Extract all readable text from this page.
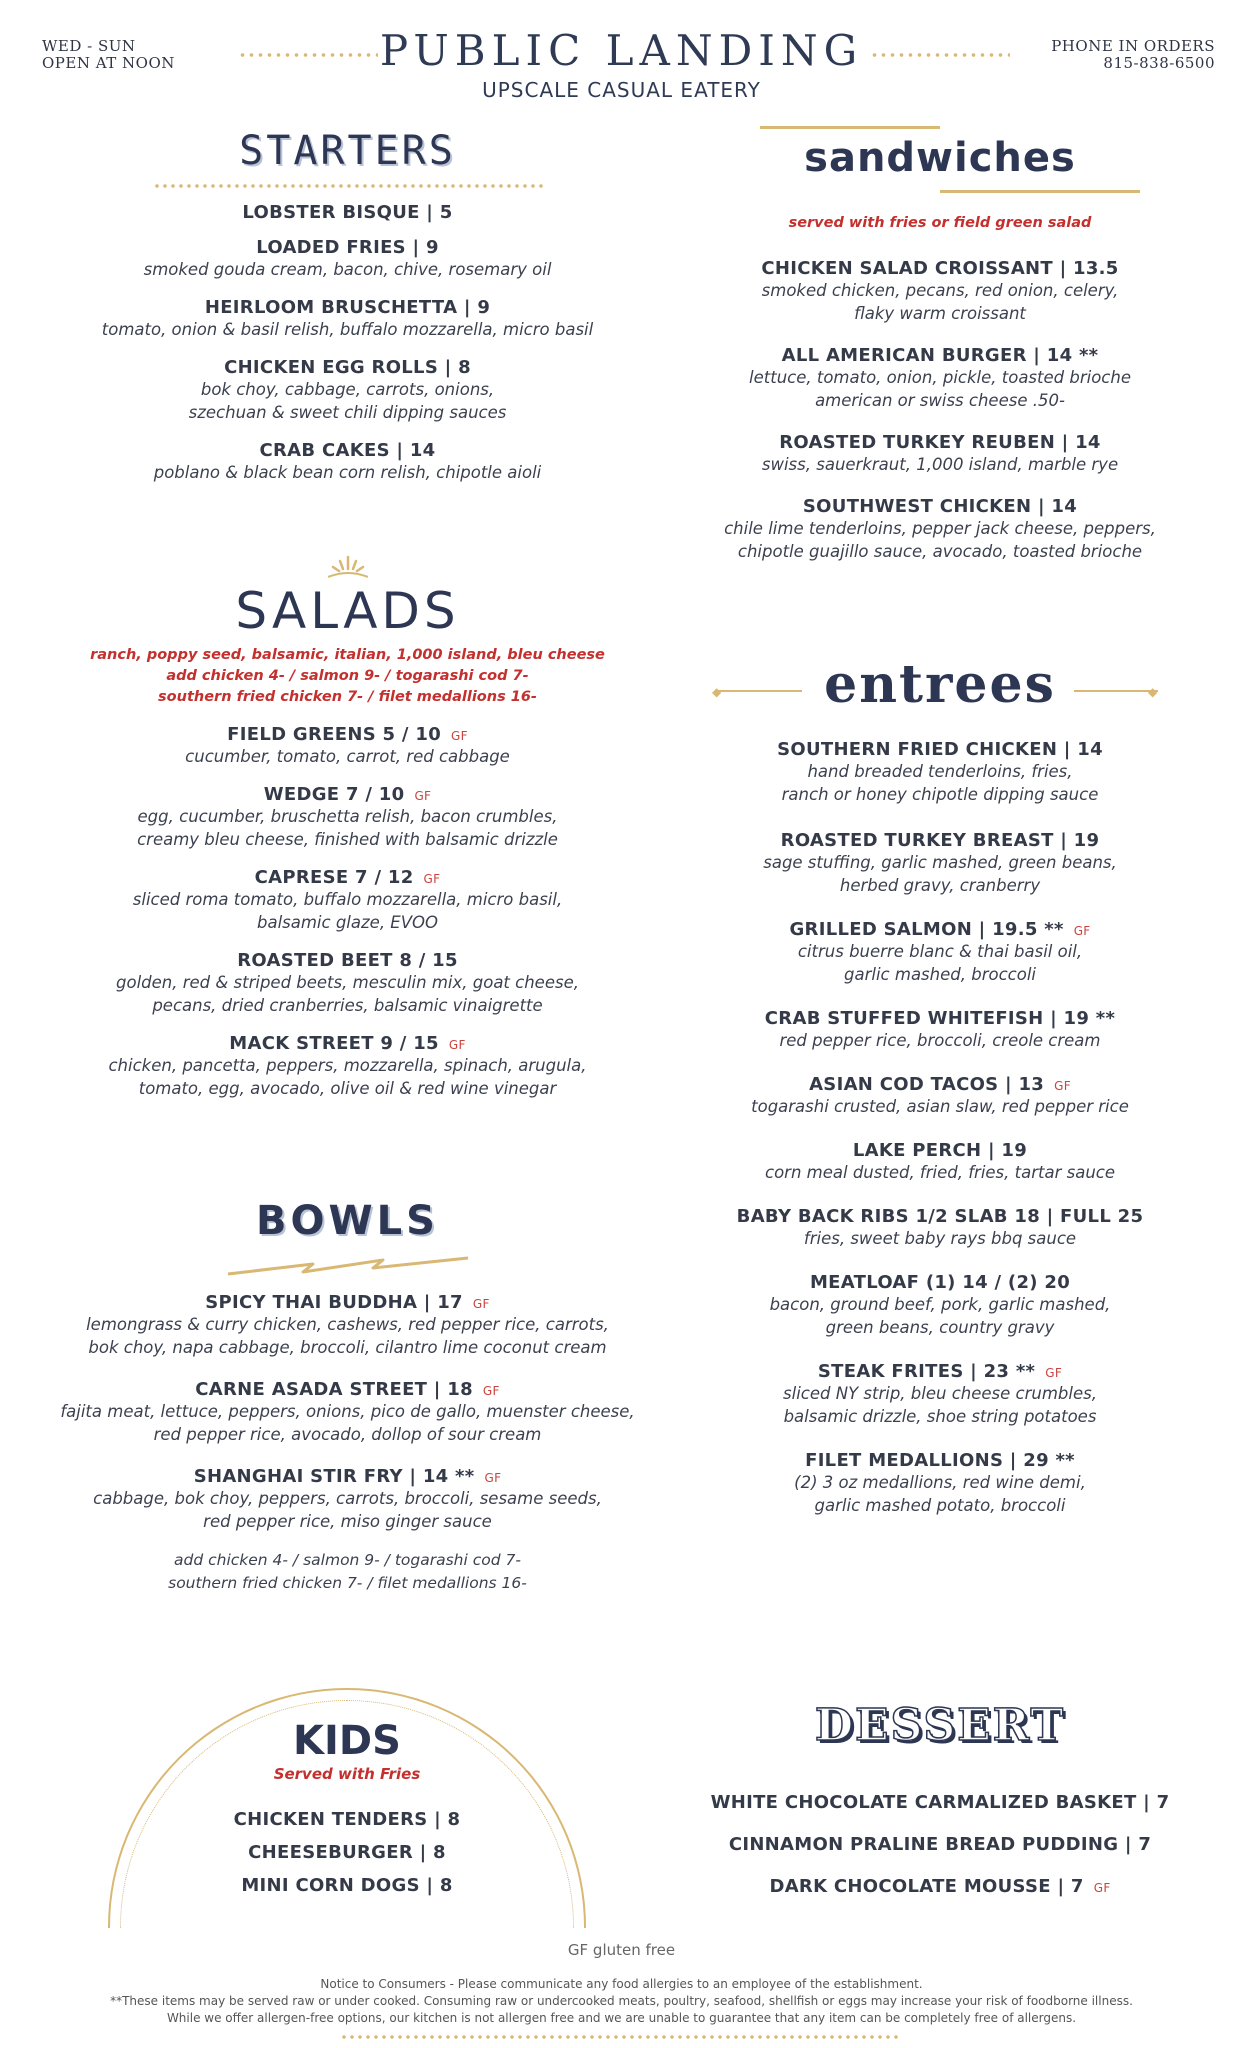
WED - SUN
OPEN AT NOON	PUBLIC LANDING
UPSCALE CASUAL EATERY
PHONE IN ORDERS
815-838-6500
STARTERS
LOBSTER BISQUE | 5
LOADED FRIES | 9
smoked gouda cream, bacon, chive, rosemary oil
HEIRLOOM BRUSCHETTA | 9
tomato, onion & basil relish, buffalo mozzarella, micro basil
CHICKEN EGG ROLLS | 8
bok choy, cabbage, carrots, onions,
szechuan & sweet chili dipping sauces
CRAB CAKES | 14
poblano & black bean corn relish, chipotle aioli
SALADS
ranch, poppy seed, balsamic, italian, 1,000 island, bleu cheese
add chicken 4- / salmon 9- / togarashi cod 7-
southern fried chicken 7- / filet medallions 16-
FIELD GREENS 5 / 10 GF
cucumber, tomato, carrot, red cabbage
WEDGE 7 / 10 GF
egg, cucumber, bruschetta relish, bacon crumbles,
creamy bleu cheese, finished with balsamic drizzle
CAPRESE 7 / 12 GF
sliced roma tomato, buffalo mozzarella, micro basil,
balsamic glaze, EVOO
ROASTED BEET 8 / 15
golden, red & striped beets, mesculin mix, goat cheese,
pecans, dried cranberries, balsamic vinaigrette
MACK STREET 9 / 15 GF
chicken, pancetta, peppers, mozzarella, spinach, arugula,
tomato, egg, avocado, olive oil & red wine vinegar
BOWLS
SPICY THAI BUDDHA | 17 GF
lemongrass & curry chicken, cashews, red pepper rice, carrots,
bok choy, napa cabbage, broccoli, cilantro lime coconut cream
CARNE ASADA STREET | 18 GF
fajita meat, lettuce, peppers, onions, pico de gallo, muenster cheese,
red pepper rice, avocado, dollop of sour cream
SHANGHAI STIR FRY | 14 ** GF
cabbage, bok choy, peppers, carrots, broccoli, sesame seeds,
red pepper rice, miso ginger sauce
add chicken 4- / salmon 9- / togarashi cod 7-
southern fried chicken 7- / filet medallions 16-
KIDS
Served with Fries
CHICKEN TENDERS | 8
CHEESEBURGER | 8
MINI CORN DOGS | 8
sandwiches
served with fries or field green salad
CHICKEN SALAD CROISSANT | 13.5
smoked chicken, pecans, red onion, celery,
flaky warm croissant
ALL AMERICAN BURGER | 14 **
lettuce, tomato, onion, pickle, toasted brioche
american or swiss cheese .50-
ROASTED TURKEY REUBEN | 14
swiss, sauerkraut, 1,000 island, marble rye
SOUTHWEST CHICKEN | 14
chile lime tenderloins, pepper jack cheese, peppers,
chipotle guajillo sauce, avocado, toasted brioche
◆	◆
entrees
SOUTHERN FRIED CHICKEN | 14
hand breaded tenderloins, fries,
ranch or honey chipotle dipping sauce
ROASTED TURKEY BREAST | 19
sage stuffing, garlic mashed, green beans,
herbed gravy, cranberry
GRILLED SALMON | 19.5 ** GF
citrus buerre blanc & thai basil oil,
garlic mashed, broccoli
CRAB STUFFED WHITEFISH | 19 **
red pepper rice, broccoli, creole cream
ASIAN COD TACOS | 13 GF
togarashi crusted, asian slaw, red pepper rice
LAKE PERCH | 19
corn meal dusted, fried, fries, tartar sauce
BABY BACK RIBS 1/2 SLAB 18 | FULL 25
fries, sweet baby rays bbq sauce
MEATLOAF (1) 14 / (2) 20
bacon, ground beef, pork, garlic mashed,
green beans, country gravy
STEAK FRITES | 23 ** GF
sliced NY strip, bleu cheese crumbles,
balsamic drizzle, shoe string potatoes
FILET MEDALLIONS | 29 **
(2) 3 oz medallions, red wine demi,
garlic mashed potato, broccoli
DESSERT
WHITE CHOCOLATE CARMALIZED BASKET | 7
CINNAMON PRALINE BREAD PUDDING | 7
DARK CHOCOLATE MOUSSE | 7 GF
GF gluten free
Notice to Consumers - Please communicate any food allergies to an employee of the establishment.
**These items may be served raw or under cooked. Consuming raw or undercooked meats, poultry, seafood, shellfish or eggs may increase your risk of foodborne illness.
While we offer allergen-free options, our kitchen is not allergen free and we are unable to guarantee that any item can be completely free of allergens.
